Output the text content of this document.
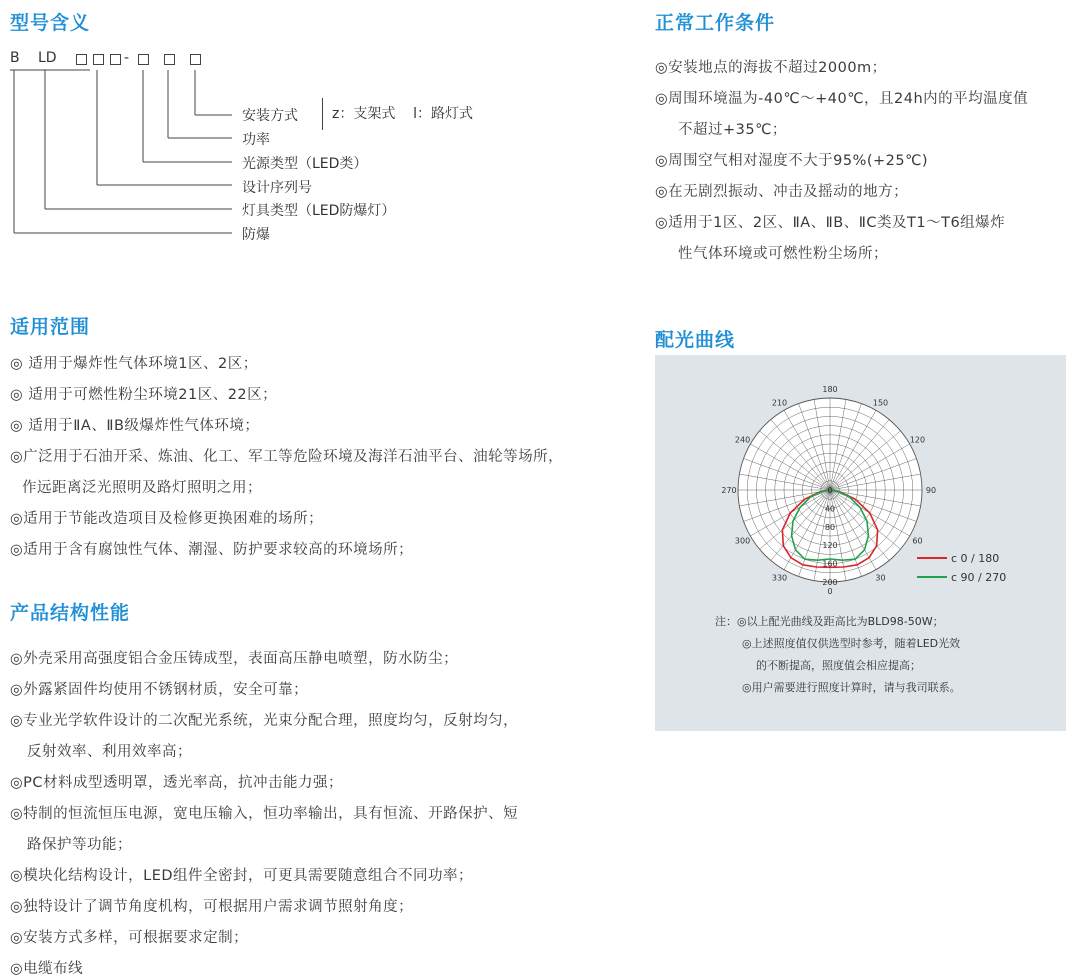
型号含义
B LD	-
安装方式 z：支架式    l：路灯式
功率
光源类型（LED类）
设计序列号
灯具类型（LED防爆灯）
防爆
正常工作条件
◎安装地点的海拔不超过2000m；
◎周围环境温为-40℃～+40℃，且24h内的平均温度值
不超过+35℃；
◎周围空气相对湿度不大于95%(+25℃)
◎在无剧烈振动、冲击及摇动的地方；
◎适用于1区、2区、ⅡA、ⅡB、ⅡC类及T1～T6组爆炸
性气体环境或可燃性粉尘场所；
适用范围
◎ 适用于爆炸性气体环境1区、2区；
◎ 适用于可燃性粉尘环境21区、22区；
◎ 适用于ⅡA、ⅡB级爆炸性气体环境；
◎广泛用于石油开采、炼油、化工、军工等危险环境及海洋石油平台、油轮等场所，
作远距离泛光照明及路灯照明之用；
◎适用于节能改造项目及检修更换困难的场所；
◎适用于含有腐蚀性气体、潮湿、防护要求较高的环境场所；
配光曲线
180
150
120
90
60
30
0
330
300
270
240
210
0
40
80
120
160
200
c 0 / 180
c 90 / 270
注：◎以上配光曲线及距高比为BLD98-50W；
◎上述照度值仅供选型时参考，随着LED光效
的不断提高，照度值会相应提高；
◎用户需要进行照度计算时，请与我司联系。
产品结构性能
◎外壳采用高强度铝合金压铸成型，表面高压静电喷塑，防水防尘；
◎外露紧固件均使用不锈钢材质，安全可靠；
◎专业光学软件设计的二次配光系统，光束分配合理，照度均匀，反射均匀，
反射效率、利用效率高；
◎PC材料成型透明罩，透光率高，抗冲击能力强；
◎特制的恒流恒压电源，宽电压输入，恒功率输出，具有恒流、开路保护、短
路保护等功能；
◎模块化结构设计，LED组件全密封，可更具需要随意组合不同功率；
◎独特设计了调节角度机构，可根据用户需求调节照射角度；
◎安装方式多样，可根据要求定制；
◎电缆布线
